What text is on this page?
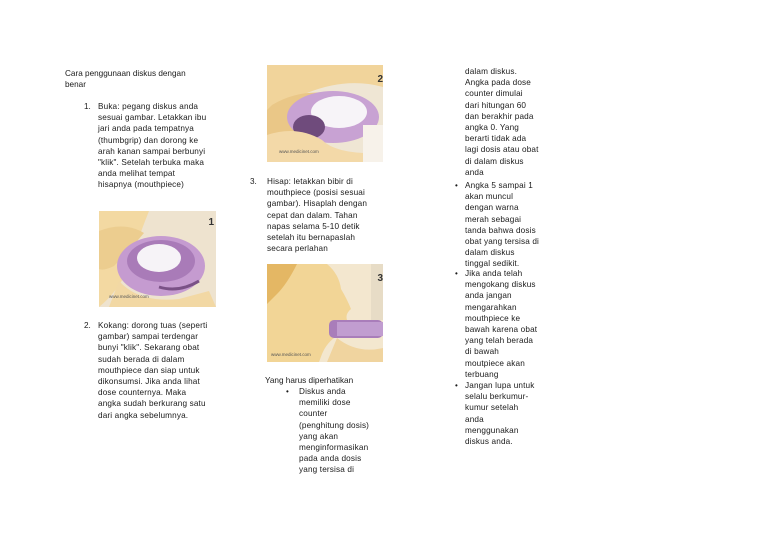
Cara penggunaan diskus dengan benar
1. Buka: pegang diskus anda sesuai gambar. Letakkan ibu jari anda pada tempatnya (thumbgrip) dan dorong ke arah kanan sampai berbunyi "klik". Setelah terbuka maka anda melihat tempat hisapnya (mouthpiece)
1
www.medicinet.com
2. Kokang: dorong tuas (seperti gambar) sampai terdengar bunyi "klik". Sekarang obat sudah berada di dalam mouthpiece dan siap untuk dikonsumsi. Jika anda lihat dose counternya. Maka angka sudah berkurang satu dari angka sebelumnya.
2
www.medicinet.com
3. Hisap: letakkan bibir di mouthpiece (posisi sesuai gambar). Hisaplah dengan cepat dan dalam. Tahan napas selama 5-10 detik setelah itu bernapaslah secara perlahan
3
www.medicinet.com
Yang harus diperhatikan
• Diskus anda memiliki dose counter (penghitung dosis) yang akan menginformasikan pada anda dosis yang tersisa di
dalam diskus. Angka pada dose counter dimulai dari hitungan 60 dan berakhir pada angka 0. Yang berarti tidak ada lagi dosis atau obat di dalam diskus anda
• Angka 5 sampai 1 akan muncul dengan warna merah sebagai tanda bahwa dosis obat yang tersisa di dalam diskus tinggal sedikit.
• Jika anda telah mengokang diskus anda jangan mengarahkan mouthpiece ke bawah karena obat yang telah berada di bawah moutpiece akan terbuang
• Jangan lupa untuk selalu berkumur-kumur setelah anda menggunakan diskus anda.
